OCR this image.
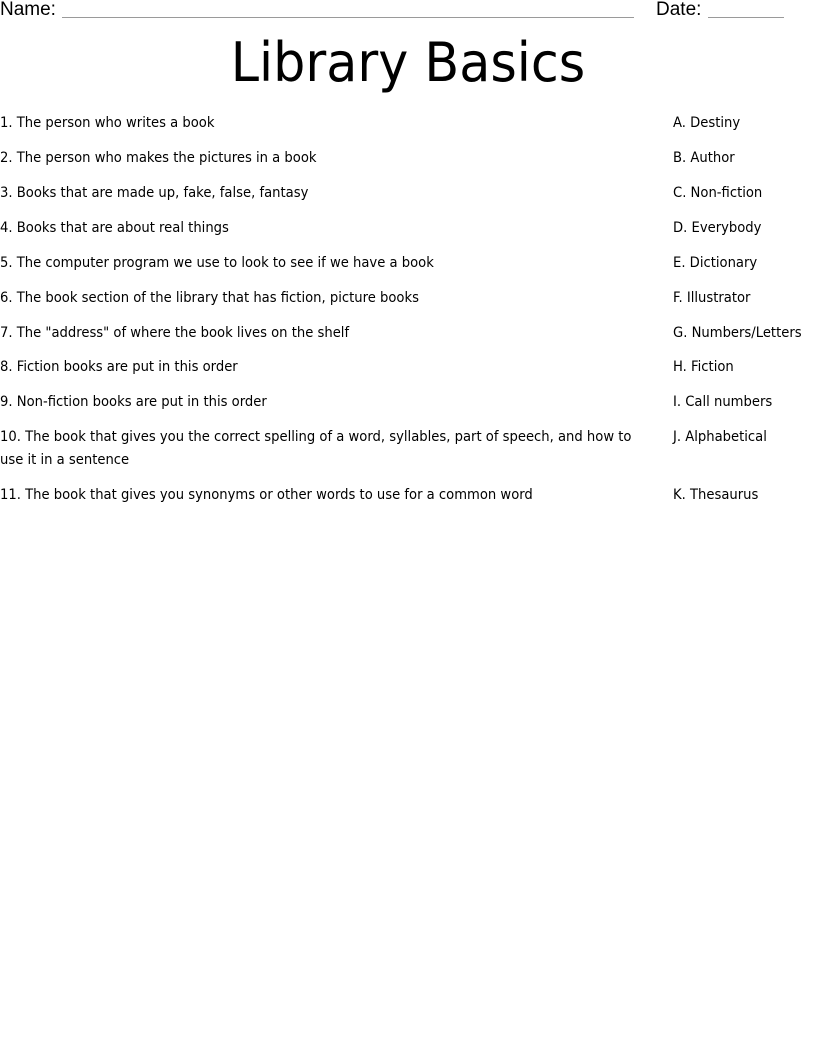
Name:	Date:
Library Basics
1. The person who writes a book
2. The person who makes the pictures in a book
3. Books that are made up, fake, false, fantasy
4. Books that are about real things
5. The computer program we use to look to see if we have a book
6. The book section of the library that has fiction, picture books
7. The "address" of where the book lives on the shelf
8. Fiction books are put in this order
9. Non-fiction books are put in this order
10. The book that gives you the correct spelling of a word, syllables, part of speech, and how to use it in a sentence
11. The book that gives you synonyms or other words to use for a common word
A. Destiny
B. Author
C. Non-fiction
D. Everybody
E. Dictionary
F. Illustrator
G. Numbers/Letters
H. Fiction
I. Call numbers
J. Alphabetical
K. Thesaurus
